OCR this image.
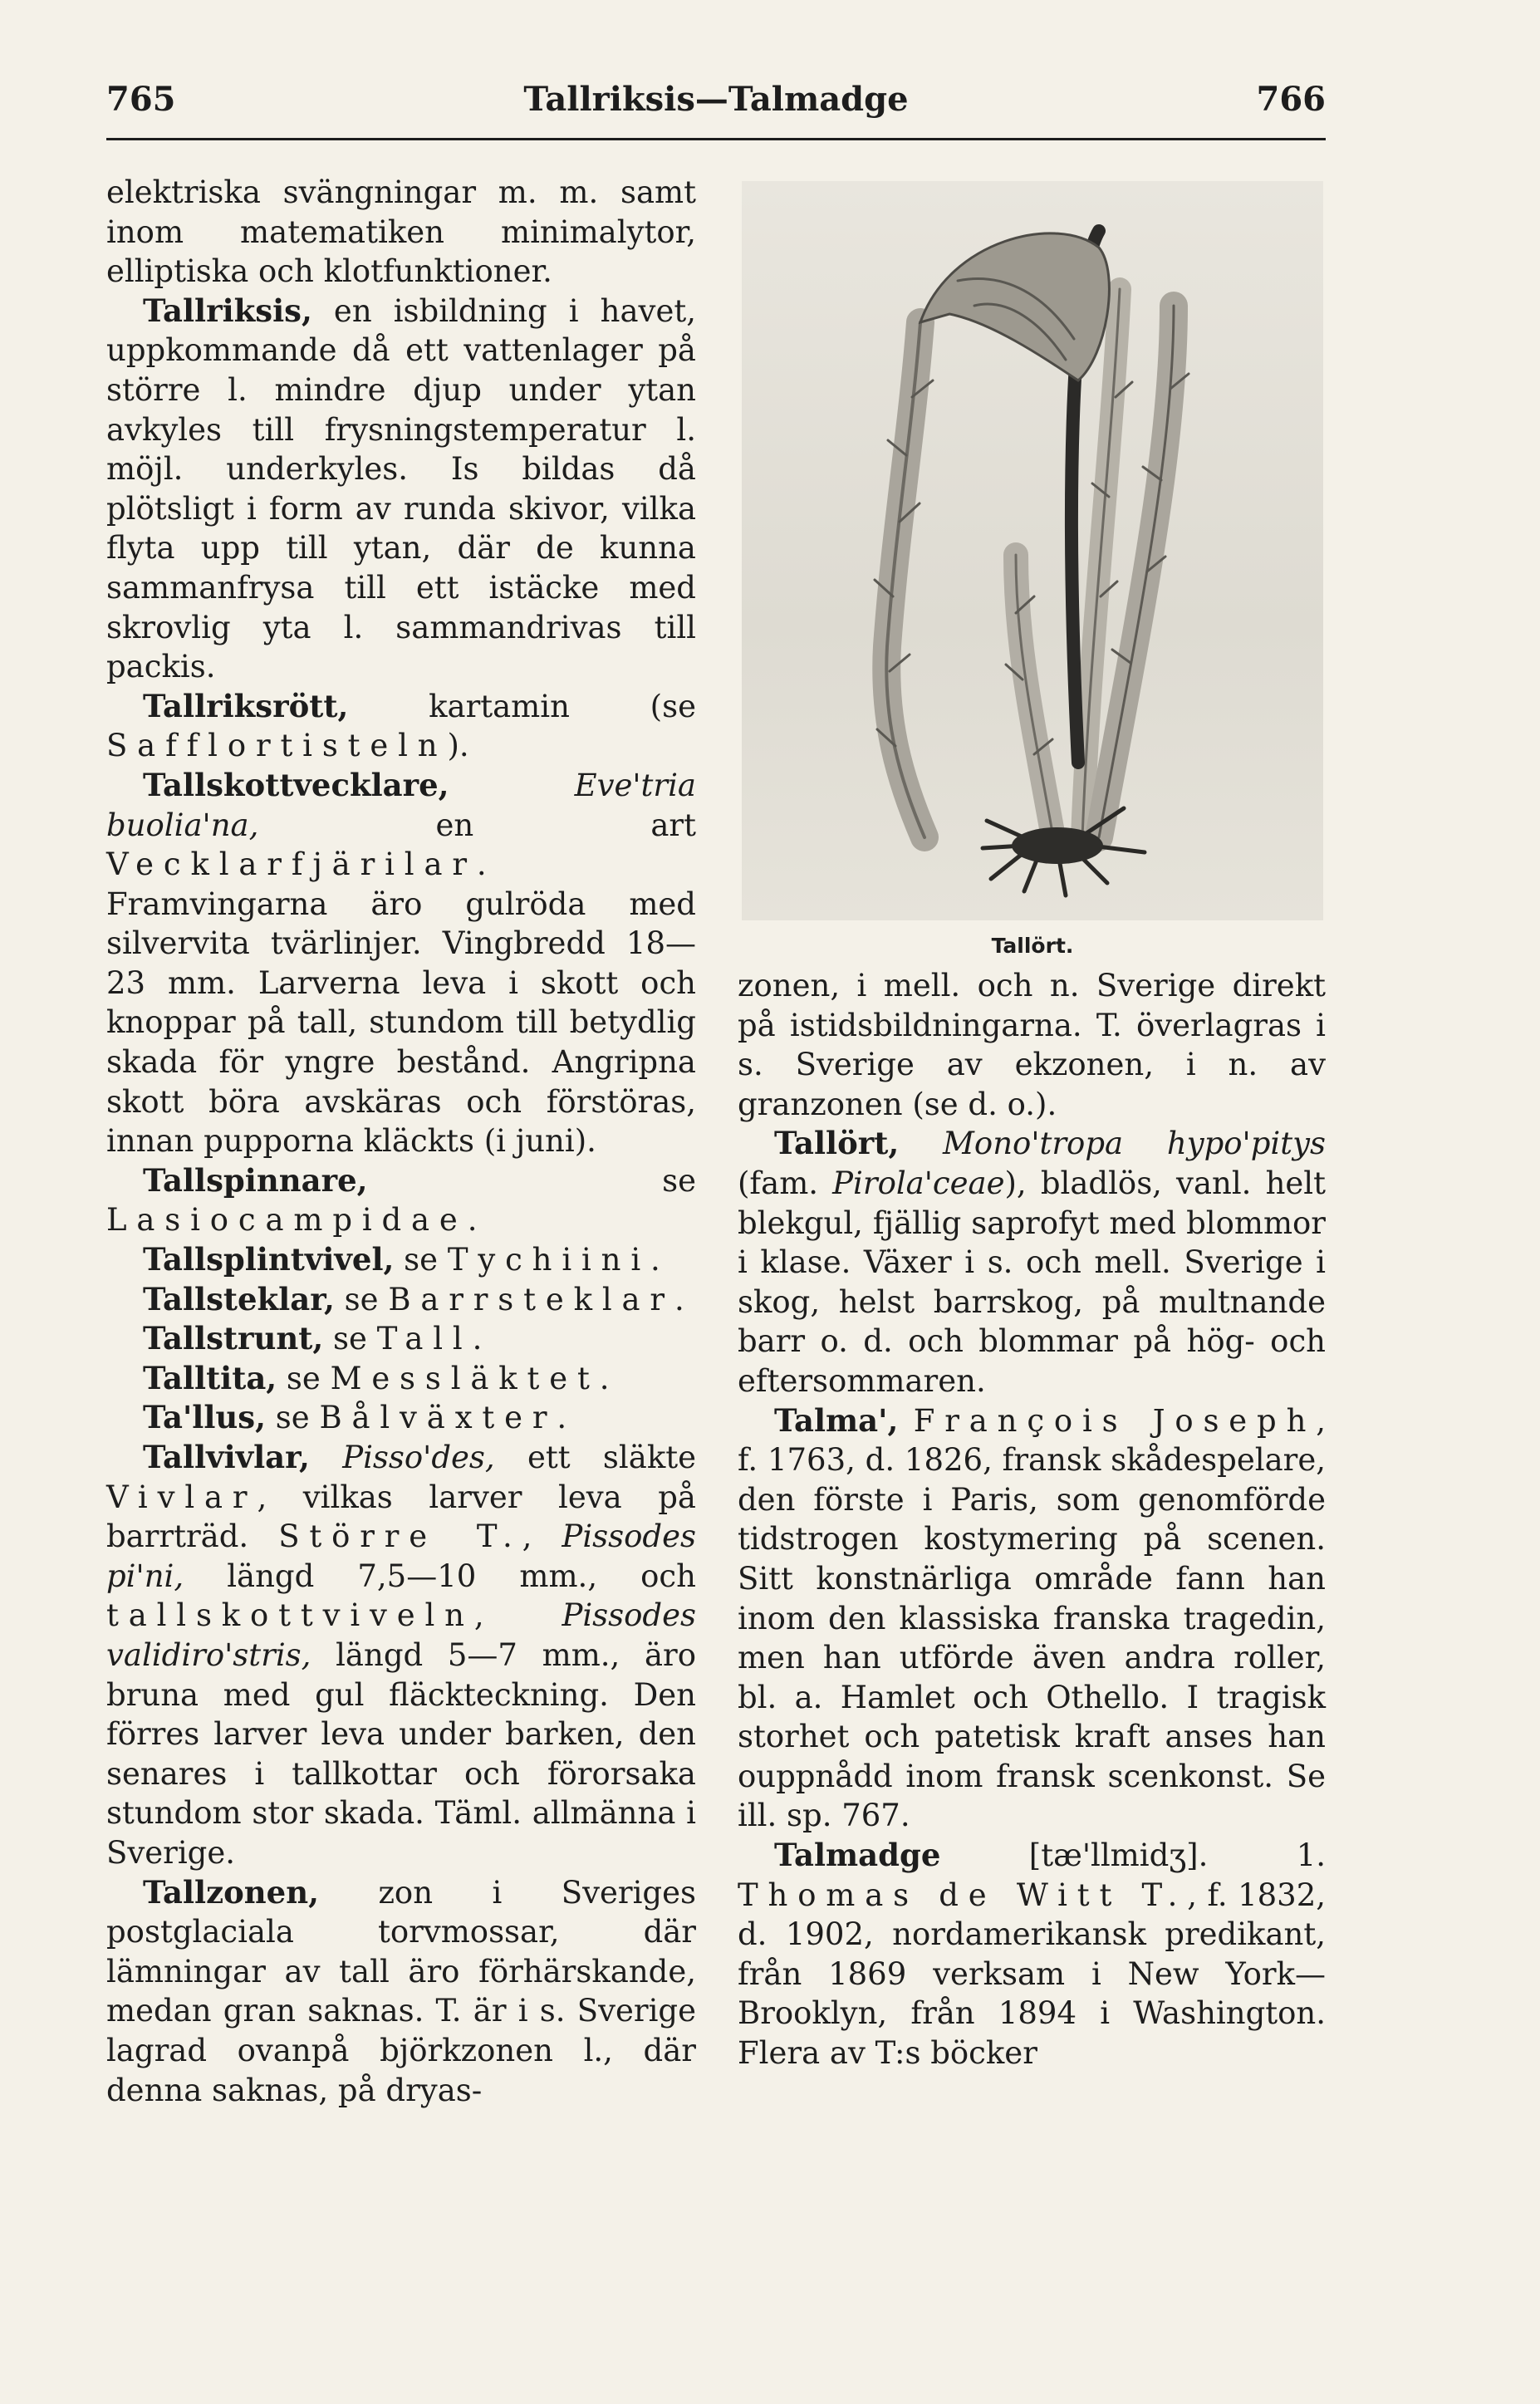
765	Tallriksis—Talmadge	766

elektriska svängningar m. m. samt inom matematiken minimalytor, elliptiska och klotfunktioner.

Tallriksis, en isbildning i havet, uppkommande då ett vattenlager på större l. mindre djup under ytan avkyles till frysningstemperatur l. möjl. underkyles. Is bildas då plötsligt i form av runda skivor, vilka flyta upp till ytan, där de kunna sammanfrysa till ett istäcke med skrovlig yta l. sammandrivas till packis.

Tallriksrött, kartamin (se Safflortisteln).

Tallskottvecklare,	Eve'tria buolia'na, en art Vecklarfjärilar. Framvingarna äro gulröda med silvervita tvärlinjer. Vingbredd 18—23 mm. Larverna leva i skott och knoppar på tall, stundom till betydlig skada för yngre bestånd. Angripna skott böra avskäras och förstöras, innan pupporna kläckts (i juni).

Tallspinnare, se Lasiocampidae.

Tallsplintvivel, se Tychiini.

Tallsteklar, se Barrsteklar.

Tallstrunt, se Tall.

Talltita, se Messläktet.

Ta'llus, se Bålväxter.

Tallvivlar, Pisso'des, ett släkte Vivlar, vilkas larver leva på barrträd. Större T., Pissodes pi'ni, längd 7,5—10 mm., och tallskottviveln, Pissodes validiro'stris, längd 5—7 mm., äro bruna med gul fläckteckning. Den förres larver leva under barken, den senares i tallkottar och förorsaka stundom stor skada. Täml. allmänna i Sverige.

Tallzonen, zon i Sveriges postglaciala torvmossar, där lämningar av tall äro förhärskande, medan gran saknas. T. är i s. Sverige lagrad ovanpå björkzonen l., där denna saknas, på dryas-

Tallört.

zonen, i mell. och n. Sverige direkt på istidsbildningarna. T. överlagras i s. Sverige av ekzonen, i n. av granzonen (se d. o.).

Tallört, Mono'tropa hypo'pitys (fam. Pirola'ceae), bladlös, vanl. helt blekgul, fjällig saprofyt med blommor i klase. Växer i s. och mell. Sverige i skog, helst barrskog, på multnande barr o. d. och blommar på hög- och eftersommaren.

Talma', François Joseph, f. 1763, d. 1826, fransk skådespelare, den förste i Paris, som genomförde tidstrogen kostymering på scenen. Sitt konstnärliga område fann han inom den klassiska franska tragedin, men han utförde även andra roller, bl. a. Hamlet och Othello. I tragisk storhet och patetisk kraft anses han ouppnådd inom fransk scenkonst. Se ill. sp. 767.

Talmadge [tæ'llmidʒ]. 1. Thomas de Witt T., f. 1832, d. 1902, nordamerikansk predikant, från 1869 verksam i New York—Brooklyn, från 1894 i Washington. Flera av T:s böcker
